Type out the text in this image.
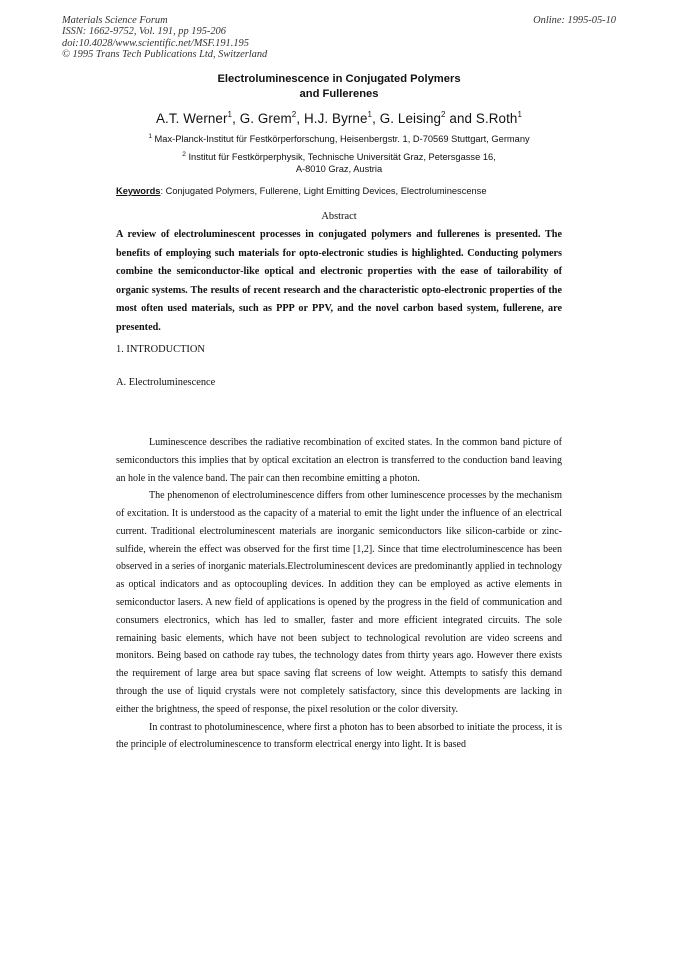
Materials Science Forum
ISSN: 1662-9752, Vol. 191, pp 195-206
doi:10.4028/www.scientific.net/MSF.191.195
© 1995 Trans Tech Publications Ltd, Switzerland
Online: 1995-05-10
Electroluminescence in Conjugated Polymers
and Fullerenes
A.T. Werner$^1$, G. Grem$^2$, H.J. Byrne$^1$, G. Leising$^2$ and S.Roth$^1$
$^1$ Max-Planck-Institut für Festkörperforschung, Heisenbergstr. 1, D-70569 Stuttgart, Germany
$^2$ Institut für Festkörperphysik, Technische Universität Graz, Petersgasse 16,
A-8010 Graz, Austria
Keywords: Conjugated Polymers, Fullerene, Light Emitting Devices, Electroluminescense
Abstract
A review of electroluminescent processes in conjugated polymers and fullerenes is presented. The benefits of employing such materials for opto-electronic studies is highlighted. Conducting polymers combine the semiconductor-like optical and electronic properties with the ease of tailorability of organic systems. The results of recent research and the characteristic opto-electronic properties of the most often used materials, such as PPP or PPV, and the novel carbon based system, fullerene, are presented.
1. INTRODUCTION
A. Electroluminescence

Luminescence describes the radiative recombination of excited states. In the common band picture of semiconductors this implies that by optical excitation an electron is transferred to the conduction band leaving an hole in the valence band. The pair can then recombine emitting a photon.

The phenomenon of electroluminescence differs from other luminescence processes by the mechanism of excitation. It is understood as the capacity of a material to emit the light under the influence of an electrical current. Traditional electroluminescent materials are inorganic semiconductors like silicon-carbide or zinc-sulfide, wherein the effect was observed for the first time [1,2]. Since that time electroluminescence has been observed in a series of inorganic materials.Electroluminescent devices are predominantly applied in technology as optical indicators and as optocoupling devices. In addition they can be employed as active elements in semiconductor lasers. A new field of applications is opened by the progress in the field of communication and consumers electronics, which has led to smaller, faster and more efficient integrated circuits. The sole remaining basic elements, which have not been subject to technological revolution are video screens and monitors. Being based on cathode ray tubes, the technology dates from thirty years ago. However there exists the requirement of large area but space saving flat screens of low weight. Attempts to satisfy this demand through the use of liquid crystals were not completely satisfactory, since this developments are lacking in either the brightness, the speed of response, the pixel resolution or the color diversity.

In contrast to photoluminescence, where first a photon has to been absorbed to initiate the process, it is the principle of electroluminescence to transform electrical energy into light. It is based
